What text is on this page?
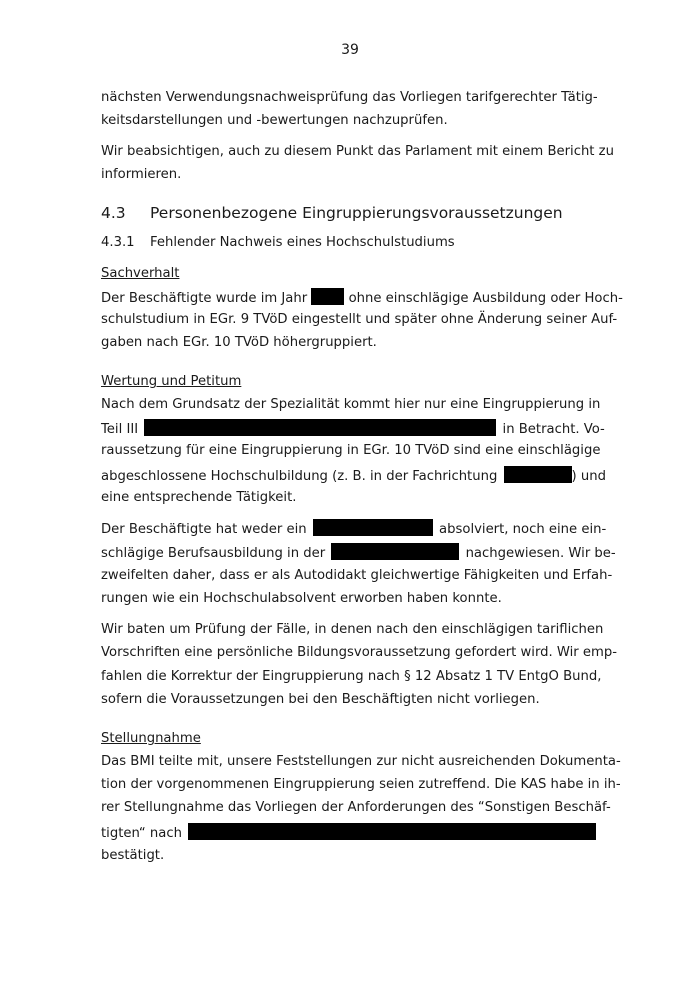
39
nächsten Verwendungsnachweisprüfung das Vorliegen tarifgerechter Tätig-
keitsdarstellungen und -bewertungen nachzuprüfen.
Wir beabsichtigen, auch zu diesem Punkt das Parlament mit einem Bericht zu
informieren.
4.3 Personenbezogene Eingruppierungsvoraussetzungen
4.3.1 Fehlender Nachweis eines Hochschulstudiums
Sachverhalt
Der Beschäftigte wurde im Jahr	ohne einschlägige Ausbildung oder Hoch-
schulstudium in EGr. 9 TVöD eingestellt und später ohne Änderung seiner Auf-
gaben nach EGr. 10 TVöD höhergruppiert.
Wertung und Petitum
Nach dem Grundsatz der Spezialität kommt hier nur eine Eingruppierung in
Teil III	in Betracht. Vo-
raussetzung für eine Eingruppierung in EGr. 10 TVöD sind eine einschlägige
abgeschlossene Hochschulbildung (z. B. in der Fachrichtung	) und
eine entsprechende Tätigkeit.
Der Beschäftigte hat weder ein	absolviert, noch eine ein-
schlägige Berufsausbildung in der	nachgewiesen. Wir be-
zweifelten daher, dass er als Autodidakt gleichwertige Fähigkeiten und Erfah-
rungen wie ein Hochschulabsolvent erworben haben konnte.
Wir baten um Prüfung der Fälle, in denen nach den einschlägigen tariflichen
Vorschriften eine persönliche Bildungsvoraussetzung gefordert wird. Wir emp-
fahlen die Korrektur der Eingruppierung nach § 12 Absatz 1 TV EntgO Bund,
sofern die Voraussetzungen bei den Beschäftigten nicht vorliegen.
Stellungnahme
Das BMI teilte mit, unsere Feststellungen zur nicht ausreichenden Dokumenta-
tion der vorgenommenen Eingruppierung seien zutreffend. Die KAS habe in ih-
rer Stellungnahme das Vorliegen der Anforderungen des “Sonstigen Beschäf-
tigten“ nach
bestätigt.
